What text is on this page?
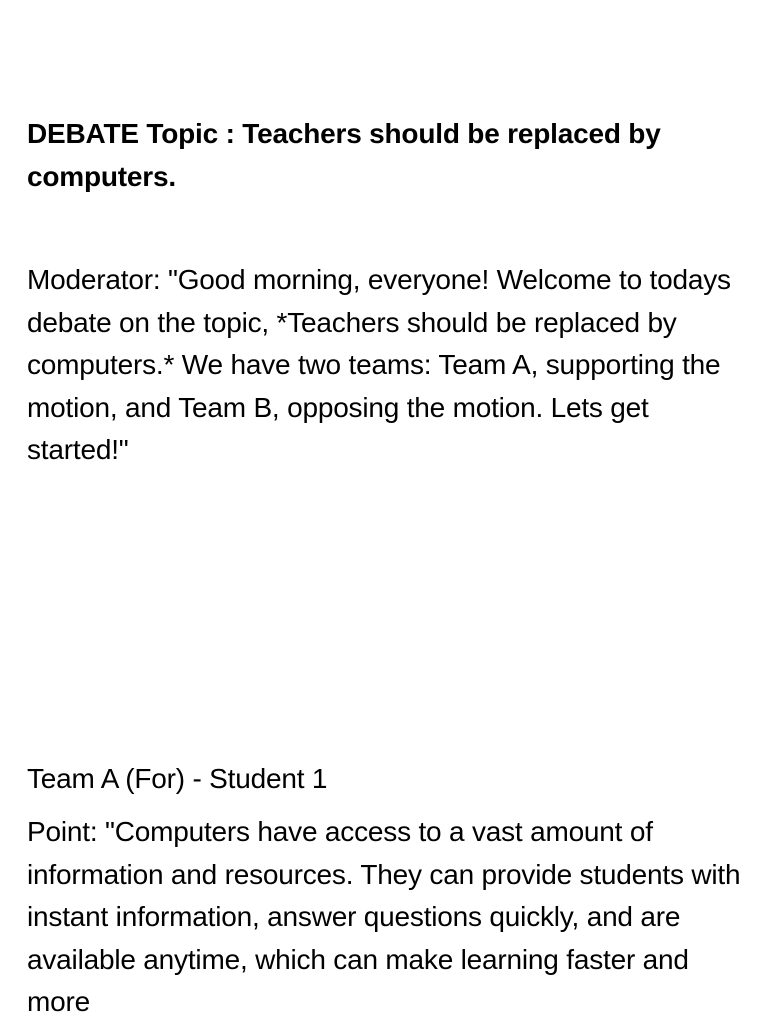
DEBATE Topic : Teachers should be replaced by computers.

Moderator: "Good morning, everyone! Welcome to todays debate on the topic, *Teachers should be replaced by computers.* We have two teams: Team A, supporting the motion, and Team B, opposing the motion. Lets get started!"

Team A (For) - Student 1

Point: "Computers have access to a vast amount of information and resources. They can provide students with instant information, answer questions quickly, and are available anytime, which can make learning faster and more
